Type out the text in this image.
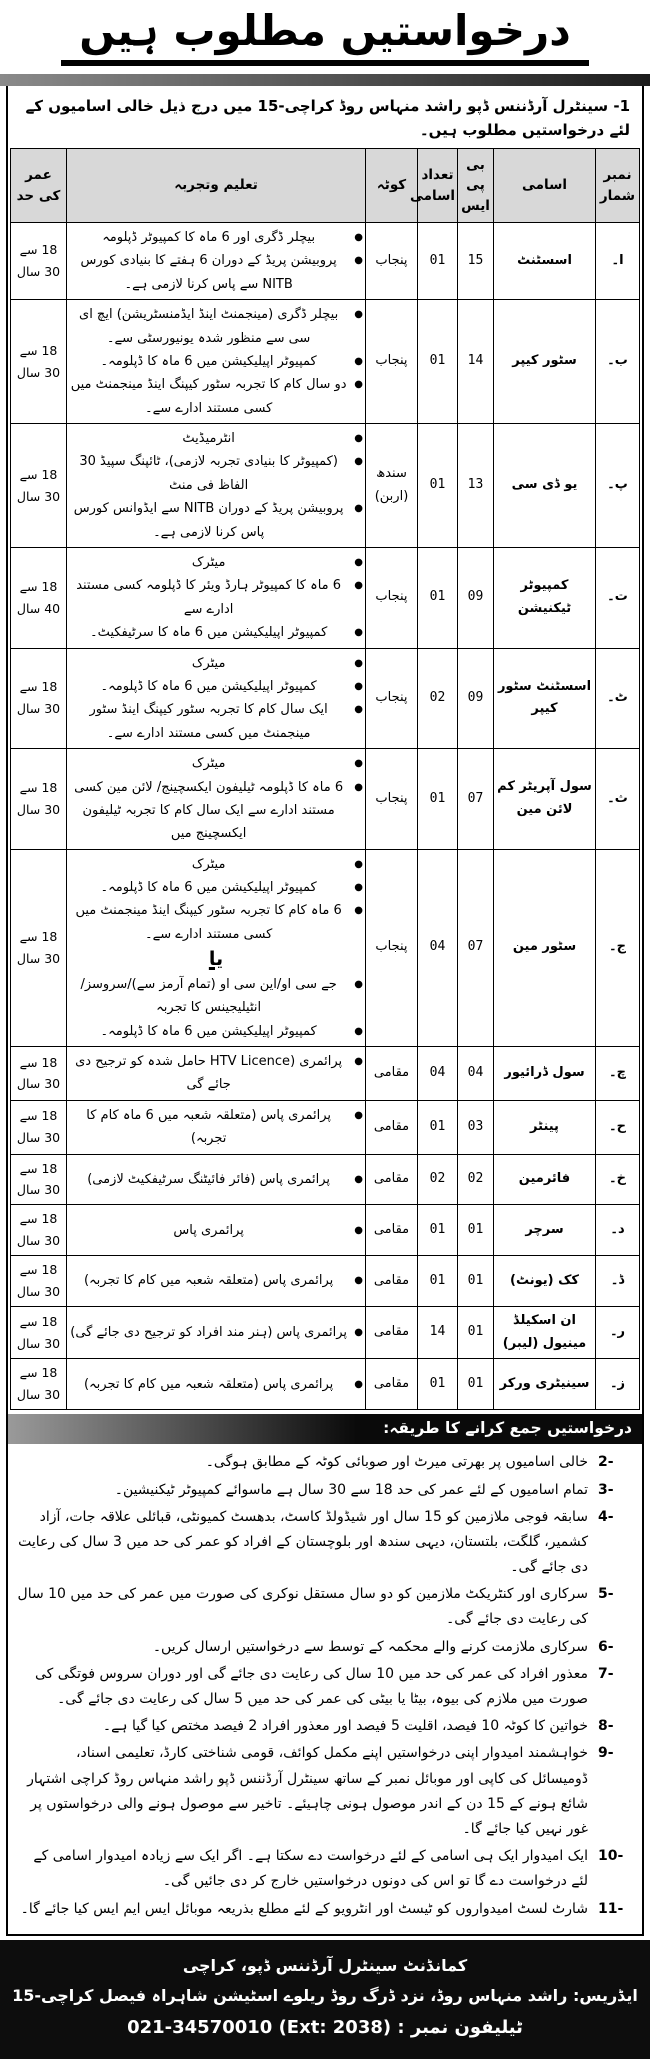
درخواستیں مطلوب ہیں

1- سینٹرل آرڈننس ڈپو راشد منہاس روڈ کراچی-15 میں درج ذیل خالی اسامیوں کے لئے درخواستیں مطلوب ہیں۔

نمبر شمار	اسامی	بی پی ایس	تعداد اسامی	کوٹہ	تعلیم وتجربہ	عمر کی حد
ا۔	اسسٹنٹ	15	01	پنجاب	●
بیچلر ڈگری اور 6 ماہ کا کمپیوٹر ڈپلومہ
●
پروبیشن پریڈ کے دوران 6 ہفتے کا بنیادی کورس NITB سے پاس کرنا لازمی ہے۔	18 سے 30 سال
ب۔	سٹور کیپر	14	01	پنجاب	
●
بیچلر ڈگری (مینجمنٹ اینڈ ایڈمنسٹریشن) ایچ ای سی سے منظور شدہ یونیورسٹی سے۔
●
کمپیوٹر اپیلیکیشن میں 6 ماہ کا ڈپلومہ۔
●
دو سال کام کا تجربہ سٹور کیپنگ اینڈ مینجمنٹ میں کسی مستند ادارے سے۔
	18 سے 30 سال
پ۔	یو ڈی سی	13	01	سندھ (اربن)	
●
انٹرمیڈیٹ
●
(کمپیوٹر کا بنیادی تجربہ لازمی)، ٹائپنگ سپیڈ 30 الفاظ فی منٹ
●
پروبیشن پریڈ کے دوران NITB سے ایڈوانس کورس پاس کرنا لازمی ہے۔
	18 سے 30 سال
ت۔	کمپیوٹر ٹیکنیشن	09	01	پنجاب	
●
میٹرک
●
6 ماہ کا کمپیوٹر ہارڈ ویئر کا ڈپلومہ کسی مستند ادارے سے
●
کمپیوٹر اپیلیکیشن میں 6 ماہ کا سرٹیفکیٹ۔
	18 سے 40 سال
ٹ۔	اسسٹنٹ سٹور کیپر	09	02	پنجاب	
●
میٹرک
●
کمپیوٹر اپیلیکیشن میں 6 ماہ کا ڈپلومہ۔
●
ایک سال کام کا تجربہ سٹور کیپنگ اینڈ سٹور مینجمنٹ میں کسی مستند ادارے سے۔
	18 سے 30 سال
ث۔	سول آپریٹر کم لائن مین	07	01	پنجاب	●
میٹرک
●
6 ماہ کا ڈپلومہ ٹیلیفون ایکسچینج/ لائن مین کسی مستند ادارے سے ایک سال کام کا تجربہ ٹیلیفون ایکسچینج میں	18 سے 30 سال
ج۔	سٹور مین	07	04	پنجاب	
●
میٹرک
●
کمپیوٹر اپیلیکیشن میں 6 ماہ کا ڈپلومہ۔
●
6 ماہ کام کا تجربہ سٹور کیپنگ اینڈ مینجمنٹ میں کسی مستند ادارے سے۔
یا
●
جے سی او/این سی او (تمام آرمز سے)/سروسز/انٹیلیجینس کا تجربہ
●
کمپیوٹر اپیلیکیشن میں 6 ماہ کا ڈپلومہ۔
	18 سے 30 سال
چ۔	سول ڈرائیور	04	04	مقامی	●
پرائمری (HTV Licence حامل شدہ کو ترجیح دی جائے گی	18 سے 30 سال
ح۔	پینٹر	03	01	مقامی	●
پرائمری پاس (متعلقہ شعبہ میں 6 ماہ کام کا تجربہ)	18 سے 30 سال
خ۔	فائرمین	02	02	مقامی	●
پرائمری پاس (فائر فائیٹنگ سرٹیفکیٹ لازمی)	18 سے 30 سال
د۔	سرچر	01	01	مقامی	●
پرائمری پاس	18 سے 30 سال
ڈ۔	کک (یونٹ)	01	01	مقامی	●
پرائمری پاس (متعلقہ شعبہ میں کام کا تجربہ)	18 سے 30 سال
ر۔	ان اسکیلڈ مینیول (لیبر)	01	14	مقامی	●
پرائمری پاس (ہنر مند افراد کو ترجیح دی جائے گی)	18 سے 30 سال
ز۔	سینیٹری ورکر	01	01	مقامی	●
پرائمری پاس (متعلقہ شعبہ میں کام کا تجربہ)	18 سے 30 سال
درخواستیں جمع کرانے کا طریقہ:
2-
خالی اسامیوں پر بھرتی میرٹ اور صوبائی کوٹہ کے مطابق ہوگی۔
3-
تمام اسامیوں کے لئے عمر کی حد 18 سے 30 سال ہے ماسوائے کمپیوٹر ٹیکنیشین۔
4-
سابقہ فوجی ملازمین کو 15 سال اور شیڈولڈ کاسٹ، بدھسٹ کمیونٹی، قبائلی علاقہ جات، آزاد کشمیر، گلگت، بلتستان، دیہی سندھ اور بلوچستان کے افراد کو عمر کی حد میں 3 سال کی رعایت دی جائے گی۔
5-
سرکاری اور کنٹریکٹ ملازمین کو دو سال مستقل نوکری کی صورت میں عمر کی حد میں 10 سال کی رعایت دی جائے گی۔
6-
سرکاری ملازمت کرنے والے محکمہ کے توسط سے درخواستیں ارسال کریں۔
7-
معذور افراد کی عمر کی حد میں 10 سال کی رعایت دی جائے گی اور دوران سروس فوتگی کی صورت میں ملازم کی بیوہ، بیٹا یا بیٹی کی عمر کی حد میں 5 سال کی رعایت دی جائے گی۔
8-
خواتین کا کوٹہ 10 فیصد، اقلیت 5 فیصد اور معذور افراد 2 فیصد مختص کیا گیا ہے۔
9-
خواہشمند امیدوار اپنی درخواستیں اپنے مکمل کوائف، قومی شناختی کارڈ، تعلیمی اسناد، ڈومیسائل کی کاپی اور موبائل نمبر کے ساتھ سینٹرل آرڈننس ڈپو راشد منہاس روڈ کراچی اشتہار شائع ہونے کے 15 دن کے اندر موصول ہونی چاہیئے۔ تاخیر سے موصول ہونے والی درخواستوں پر غور نہیں کیا جائے گا۔
10-
ایک امیدوار ایک ہی اسامی کے لئے درخواست دے سکتا ہے۔ اگر ایک سے زیادہ امیدوار اسامی کے لئے درخواست دے گا تو اس کی دونوں درخواستیں خارج کر دی جائیں گی۔
11-
شارٹ لسٹ امیدواروں کو ٹیسٹ اور انٹرویو کے لئے مطلع بذریعہ موبائل ایس ایم ایس کیا جائے گا۔
کمانڈنٹ سینٹرل آرڈننس ڈپو، کراچی
ایڈریس: راشد منہاس روڈ، نزد ڈرگ روڈ ریلوے اسٹیشن شاہراہ فیصل کراچی-15
ٹیلیفون نمبر : 021-34570010 (Ext: 2038)
